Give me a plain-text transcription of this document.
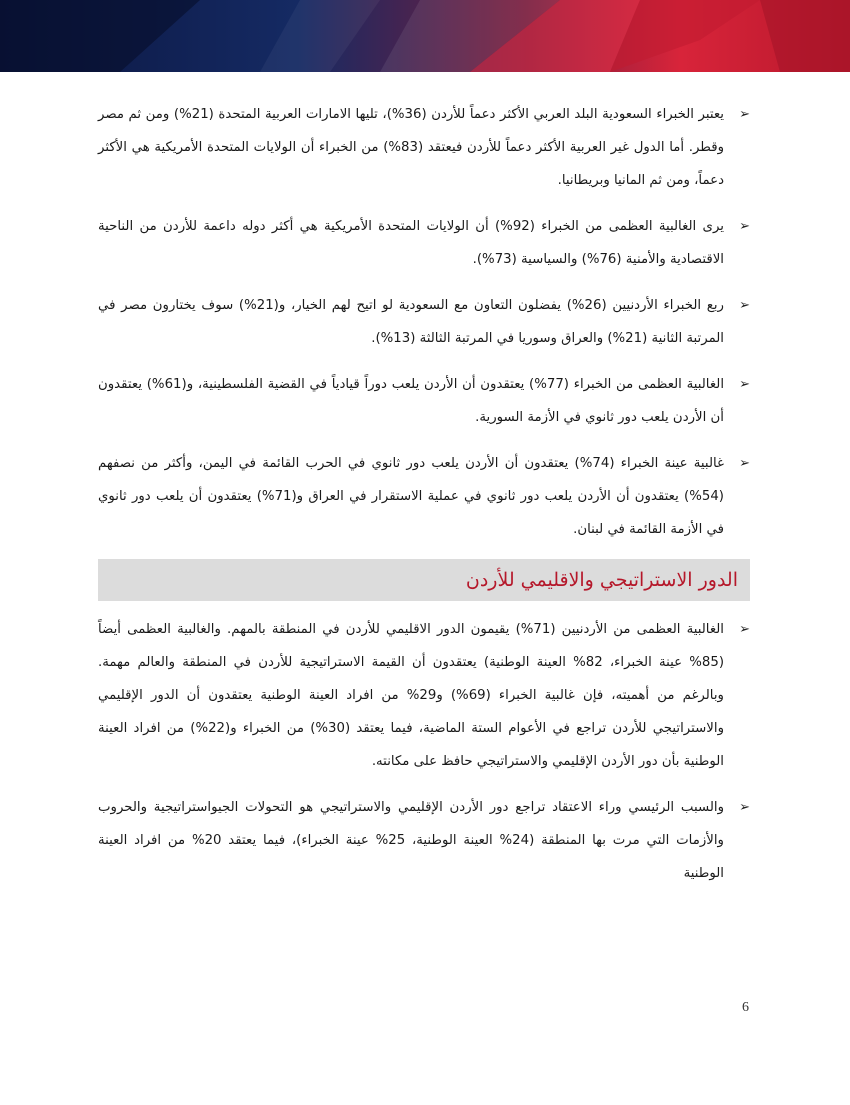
➢
يعتبر الخبراء السعودية البلد العربي الأكثر دعماً للأردن (36%)، تليها الامارات العربية المتحدة (21%) ومن ثم مصر وقطر. أما الدول غير العربية الأكثر دعماً للأردن فيعتقد (83%) من الخبراء أن الولايات المتحدة الأمريكية هي الأكثر دعماً، ومن ثم المانيا وبريطانيا.
➢
يرى الغالبية العظمى من الخبراء (92%) أن الولايات المتحدة الأمريكية هي أكثر دوله داعمة للأردن من الناحية الاقتصادية والأمنية (76%) والسياسية (73%).
➢
ربع الخبراء الأردنيين (26%) يفضلون التعاون مع السعودية لو اتيح لهم الخيار، و(21%) سوف يختارون مصر في المرتبة الثانية (21%) والعراق وسوريا في المرتبة الثالثة (13%).
➢
الغالبية العظمى من الخبراء (77%) يعتقدون أن الأردن يلعب دوراً قيادياً في القضية الفلسطينية، و(61%) يعتقدون أن الأردن يلعب دور ثانوي في الأزمة السورية.
➢
غالبية عينة الخبراء (74%) يعتقدون أن الأردن يلعب دور ثانوي في الحرب القائمة في اليمن، وأكثر من نصفهم (54%) يعتقدون أن الأردن يلعب دور ثانوي في عملية الاستقرار في العراق و(71%) يعتقدون أن يلعب دور ثانوي في الأزمة القائمة في لبنان.
الدور الاستراتيجي والاقليمي للأردن
➢
الغالبية العظمى من الأردنيين (71%) يقيمون الدور الاقليمي للأردن في المنطقة بالمهم. والغالبية العظمى أيضاً (85% عينة الخبراء، 82% العينة الوطنية) يعتقدون أن القيمة الاستراتيجية للأردن في المنطقة والعالم مهمة. وبالرغم من أهميته، فإن غالبية الخبراء (69%) و29% من افراد العينة الوطنية يعتقدون أن الدور الإقليمي والاستراتيجي للأردن تراجع في الأعوام الستة الماضية، فيما يعتقد (30%) من الخبراء و(22%) من افراد العينة الوطنية بأن دور الأردن الإقليمي والاستراتيجي حافظ على مكانته.
➢
والسبب الرئيسي وراء الاعتقاد تراجع دور الأردن الإقليمي والاستراتيجي هو التحولات الجيواستراتيجية والحروب والأزمات التي مرت بها المنطقة (24% العينة الوطنية، 25% عينة الخبراء)، فيما يعتقد 20% من افراد العينة الوطنية
6
